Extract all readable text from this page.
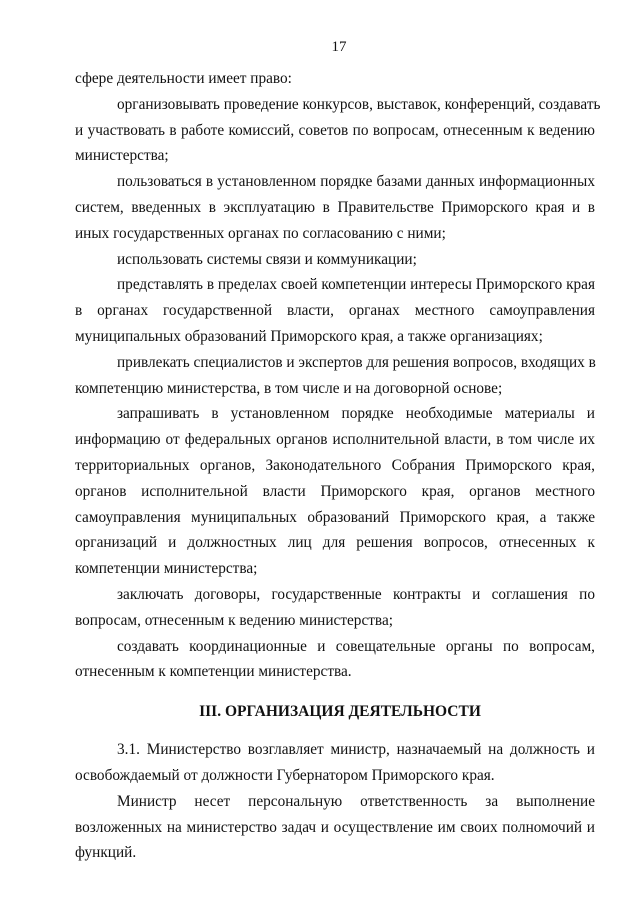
17

сфере деятельности имеет право:

организовывать проведение конкурсов, выставок, конференций, создавать

и участвовать в работе комиссий, советов по вопросам, отнесенным к ведению

министерства;

пользоваться в установленном порядке базами данных информационных

систем, введенных в эксплуатацию в Правительстве Приморского края и в

иных государственных органах по согласованию с ними;

использовать системы связи и коммуникации;

представлять в пределах своей компетенции интересы Приморского края

в органах государственной власти, органах местного самоуправления

муниципальных образований Приморского края, а также организациях;

привлекать специалистов и экспертов для решения вопросов, входящих в

компетенцию министерства, в том числе и на договорной основе;

запрашивать в установленном порядке необходимые материалы и

информацию от федеральных органов исполнительной власти, в том числе их

территориальных органов, Законодательного Собрания Приморского края,

органов исполнительной власти Приморского края, органов местного

самоуправления муниципальных образований Приморского края, а также

организаций и должностных лиц для решения вопросов, отнесенных к

компетенции министерства;

заключать договоры, государственные контракты и соглашения по

вопросам, отнесенным к ведению министерства;

создавать координационные и совещательные органы по вопросам,

отнесенным к компетенции министерства.

III. ОРГАНИЗАЦИЯ ДЕЯТЕЛЬНОСТИ

3.1. Министерство возглавляет министр, назначаемый на должность и

освобождаемый от должности Губернатором Приморского края.

Министр несет персональную ответственность за выполнение

возложенных на министерство задач и осуществление им своих полномочий и

функций.
